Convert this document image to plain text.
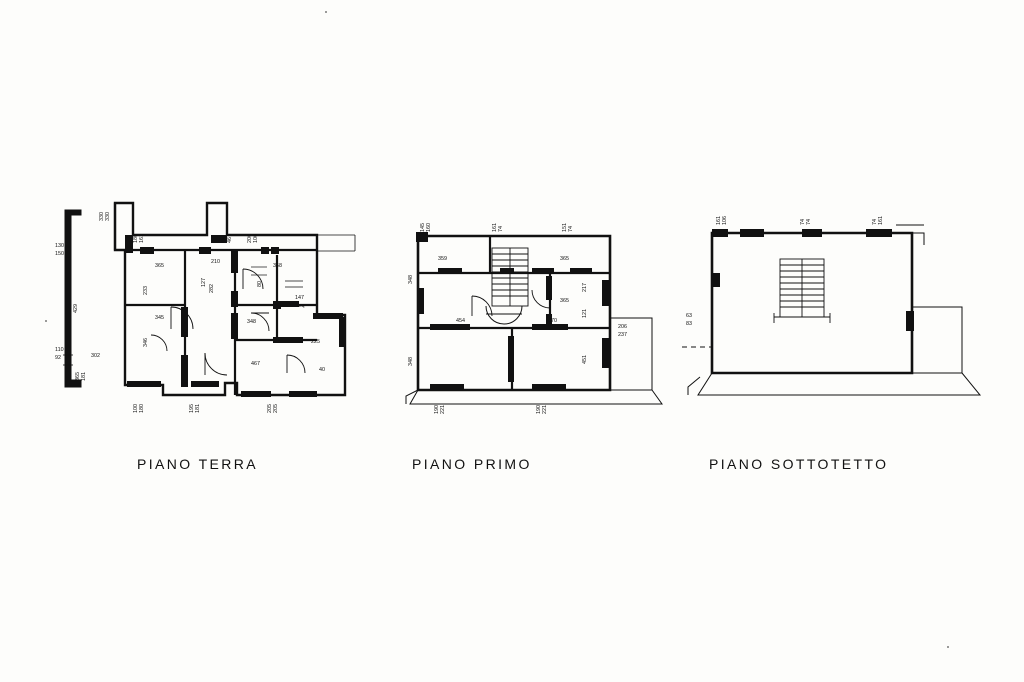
330 330
180 161	45 46	206 106
130
150
429
110
92
365
233
210
127
282
358
80
147
mq
345
346
348
467
225
40
302
365 181
100 180	195 181	205 205
PIANO TERRA
145 160	161 74	151 74
348
348
359	365
217
365
121
454	470
451
206
237
190 221	190 221
PIANO PRIMO
161 106	74 74	74 161
63
83
PIANO SOTTOTETTO
